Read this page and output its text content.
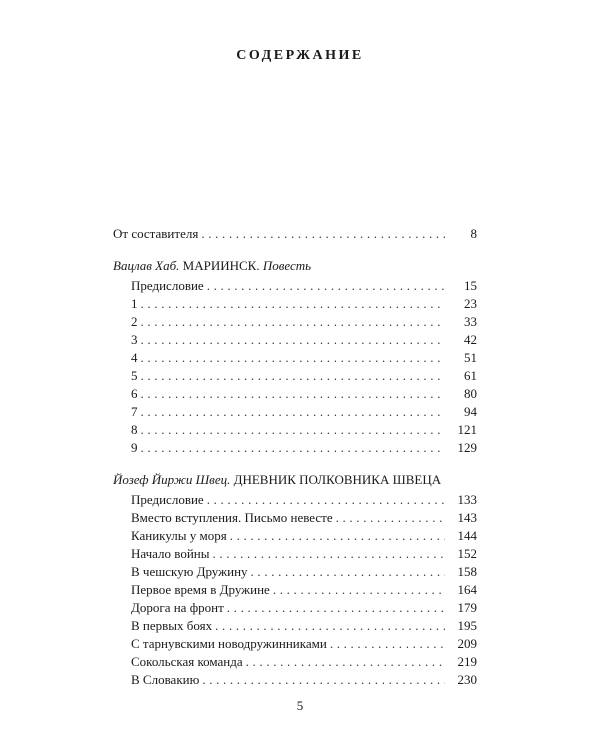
СОДЕРЖАНИЕ
От составителя . . .	8
Вацлав Хаб. МАРИИНСК. Повесть
Предисловие . . .	15
1 . . .	23
2 . . .	33
3 . . .	42
4 . . .	51
5 . . .	61
6 . . .	80
7 . . .	94
8 . . .	121
9 . . .	129
Йозеф Йиржи Швец. ДНЕВНИК ПОЛКОВНИКА ШВЕЦА
Предисловие . . .	133
Вместо вступления. Письмо невесте . . .	143
Каникулы у моря . . .	144
Начало войны . . .	152
В чешскую Дружину . . .	158
Первое время в Дружине . . .	164
Дорога на фронт . . .	179
В первых боях . . .	195
С тарнувскими новодружинниками . . .	209
Сокольская команда . . .	219
В Словакию . . .	230
5
